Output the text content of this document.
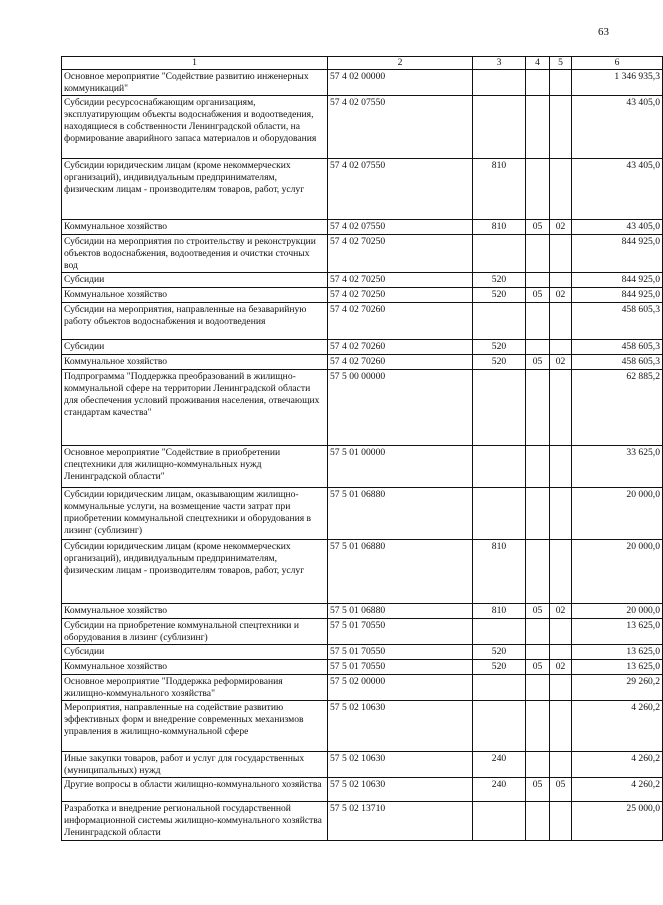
63
1	2	3	4	5	6
Основное мероприятие "Содействие развитию инженерных коммуникаций"	57 4 02 00000				1 346 935,3
Субсидии ресурсоснабжающим организациям, эксплуатирующим объекты водоснабжения и водоотведения, находящиеся в собственности Ленинградской области, на формирование аварийного запаса материалов и оборудования	57 4 02 07550				43 405,0
Субсидии юридическим лицам (кроме некоммерческих организаций), индивидуальным предпринимателям, физическим лицам - производителям товаров, работ, услуг	57 4 02 07550	810			43 405,0
Коммунальное хозяйство	57 4 02 07550	810	05	02	43 405,0
Субсидии на мероприятия по строительству и реконструкции объектов водоснабжения, водоотведения и очистки сточных вод	57 4 02 70250				844 925,0
Субсидии	57 4 02 70250	520			844 925,0
Коммунальное хозяйство	57 4 02 70250	520	05	02	844 925,0
Субсидии на мероприятия, направленные на безаварийную работу объектов водоснабжения и водоотведения	57 4 02 70260				458 605,3
Субсидии	57 4 02 70260	520			458 605,3
Коммунальное хозяйство	57 4 02 70260	520	05	02	458 605,3
Подпрограмма "Поддержка преобразований в жилищно-коммунальной сфере на территории Ленинградской области для обеспечения условий проживания населения, отвечающих стандартам качества"	57 5 00 00000				62 885,2
Основное мероприятие "Содействие в приобретении спецтехники для жилищно-коммунальных нужд Ленинградской области"	57 5 01 00000				33 625,0
Субсидии юридическим лицам, оказывающим жилищно-коммунальные услуги, на возмещение части затрат при приобретении коммунальной спецтехники и оборудования в лизинг (сублизинг)	57 5 01 06880				20 000,0
Субсидии юридическим лицам (кроме некоммерческих организаций), индивидуальным предпринимателям, физическим лицам - производителям товаров, работ, услуг	57 5 01 06880	810			20 000,0
Коммунальное хозяйство	57 5 01 06880	810	05	02	20 000,0
Субсидии на приобретение коммунальной спецтехники и оборудования в лизинг (сублизинг)	57 5 01 70550				13 625,0
Субсидии	57 5 01 70550	520			13 625,0
Коммунальное хозяйство	57 5 01 70550	520	05	02	13 625,0
Основное мероприятие "Поддержка реформирования жилищно-коммунального хозяйства"	57 5 02 00000				29 260,2
Мероприятия, направленные на содействие развитию эффективных форм и внедрение современных механизмов управления в жилищно-коммунальной сфере	57 5 02 10630				4 260,2
Иные закупки товаров, работ и услуг для государственных (муниципальных) нужд	57 5 02 10630	240			4 260,2
Другие вопросы в области жилищно-коммунального хозяйства	57 5 02 10630	240	05	05	4 260,2
Разработка и внедрение региональной государственной информационной системы жилищно-коммунального хозяйства Ленинградской области	57 5 02 13710				25 000,0
